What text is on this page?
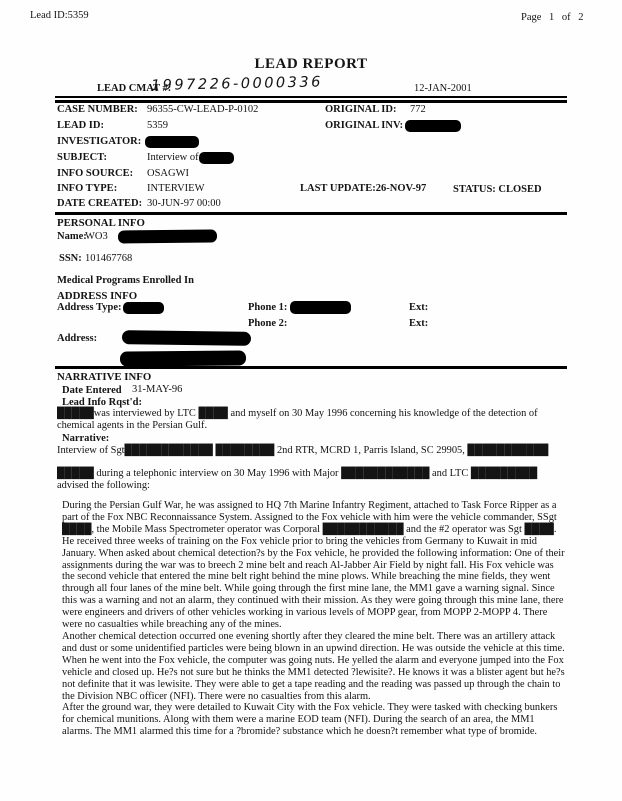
Lead ID:5359	Page 1 of 2
LEAD REPORT
LEAD CMAT #:
1997226-0000336	12-JAN-2001
CASE NUMBER: 96355-CW-LEAD-P-0102	ORIGINAL ID: 772
LEAD ID:	5359	ORIGINAL INV:
INVESTIGATOR:
SUBJECT:	Interview of
INFO SOURCE: OSAGWI
INFO TYPE:	INTERVIEW	LAST UPDATE:26-NOV-97	STATUS: CLOSED
DATE CREATED: 30-JUN-97 00:00
PERSONAL INFO
Name:
WO3
SSN: 101467768
Medical Programs Enrolled In
ADDRESS INFO
Address Type:	Phone 1:	Ext:
Phone 2:	Ext:
Address:
NARRATIVE INFO
Date Entered 31-MAY-96
Lead Info Rqst'd:
█████was interviewed by LTC ████ and myself on 30 May 1996 concerning his knowledge of the detection of chemical agents in the Persian Gulf.
Narrative:
Interview of Sgt████████████ ████████ 2nd RTR, MCRD 1, Parris Island, SC 29905, ███████████
█████ during a telephonic interview on 30 May 1996 with Major ████████████ and LTC █████████ advised the following:

During the Persian Gulf War, he was assigned to HQ 7th Marine Infantry Regiment, attached to Task Force Ripper as a part of the Fox NBC Reconnaissance System. Assigned to the Fox vehicle with him were the vehicle commander, SSgt ████, the Mobile Mass Spectrometer operator was Corporal ███████████ and the #2 operator was Sgt ████. He received three weeks of training on the Fox vehicle prior to bring the vehicles from Germany to Kuwait in mid January. When asked about chemical detection?s by the Fox vehicle, he provided the following information: One of their assignments during the war was to breech 2 mine belt and reach Al-Jabber Air Field by night fall. His Fox vehicle was the second vehicle that entered the mine belt right behind the mine plows. While breaching the mine fields, they went through all four lanes of the mine belt. While going through the first mine lane, the MM1 gave a warning signal. Since this was a warning and not an alarm, they continued with their mission. As they were going through this mine lane, there were engineers and drivers of other vehicles working in various levels of MOPP gear, from MOPP 2-MOPP 4. There were no casualties while breaching any of the mines.

Another chemical detection occurred one evening shortly after they cleared the mine belt. There was an artillery attack and dust or some unidentified particles were being blown in an upwind direction. He was outside the vehicle at this time. When he went into the Fox vehicle, the computer was going nuts. He yelled the alarm and everyone jumped into the Fox vehicle and closed up. He?s not sure but he thinks the MM1 detected ?lewisite?. He knows it was a blister agent but he?s not definite that it was lewisite. They were able to get a tape reading and the reading was passed up through the chain to the Division NBC officer (NFI). There were no casualties from this alarm.

After the ground war, they were detailed to Kuwait City with the Fox vehicle. They were tasked with checking bunkers for chemical munitions. Along with them were a marine EOD team (NFI). During the search of an area, the MM1 alarms. The MM1 alarmed this time for a ?bromide? substance which he doesn?t remember what type of bromide.
